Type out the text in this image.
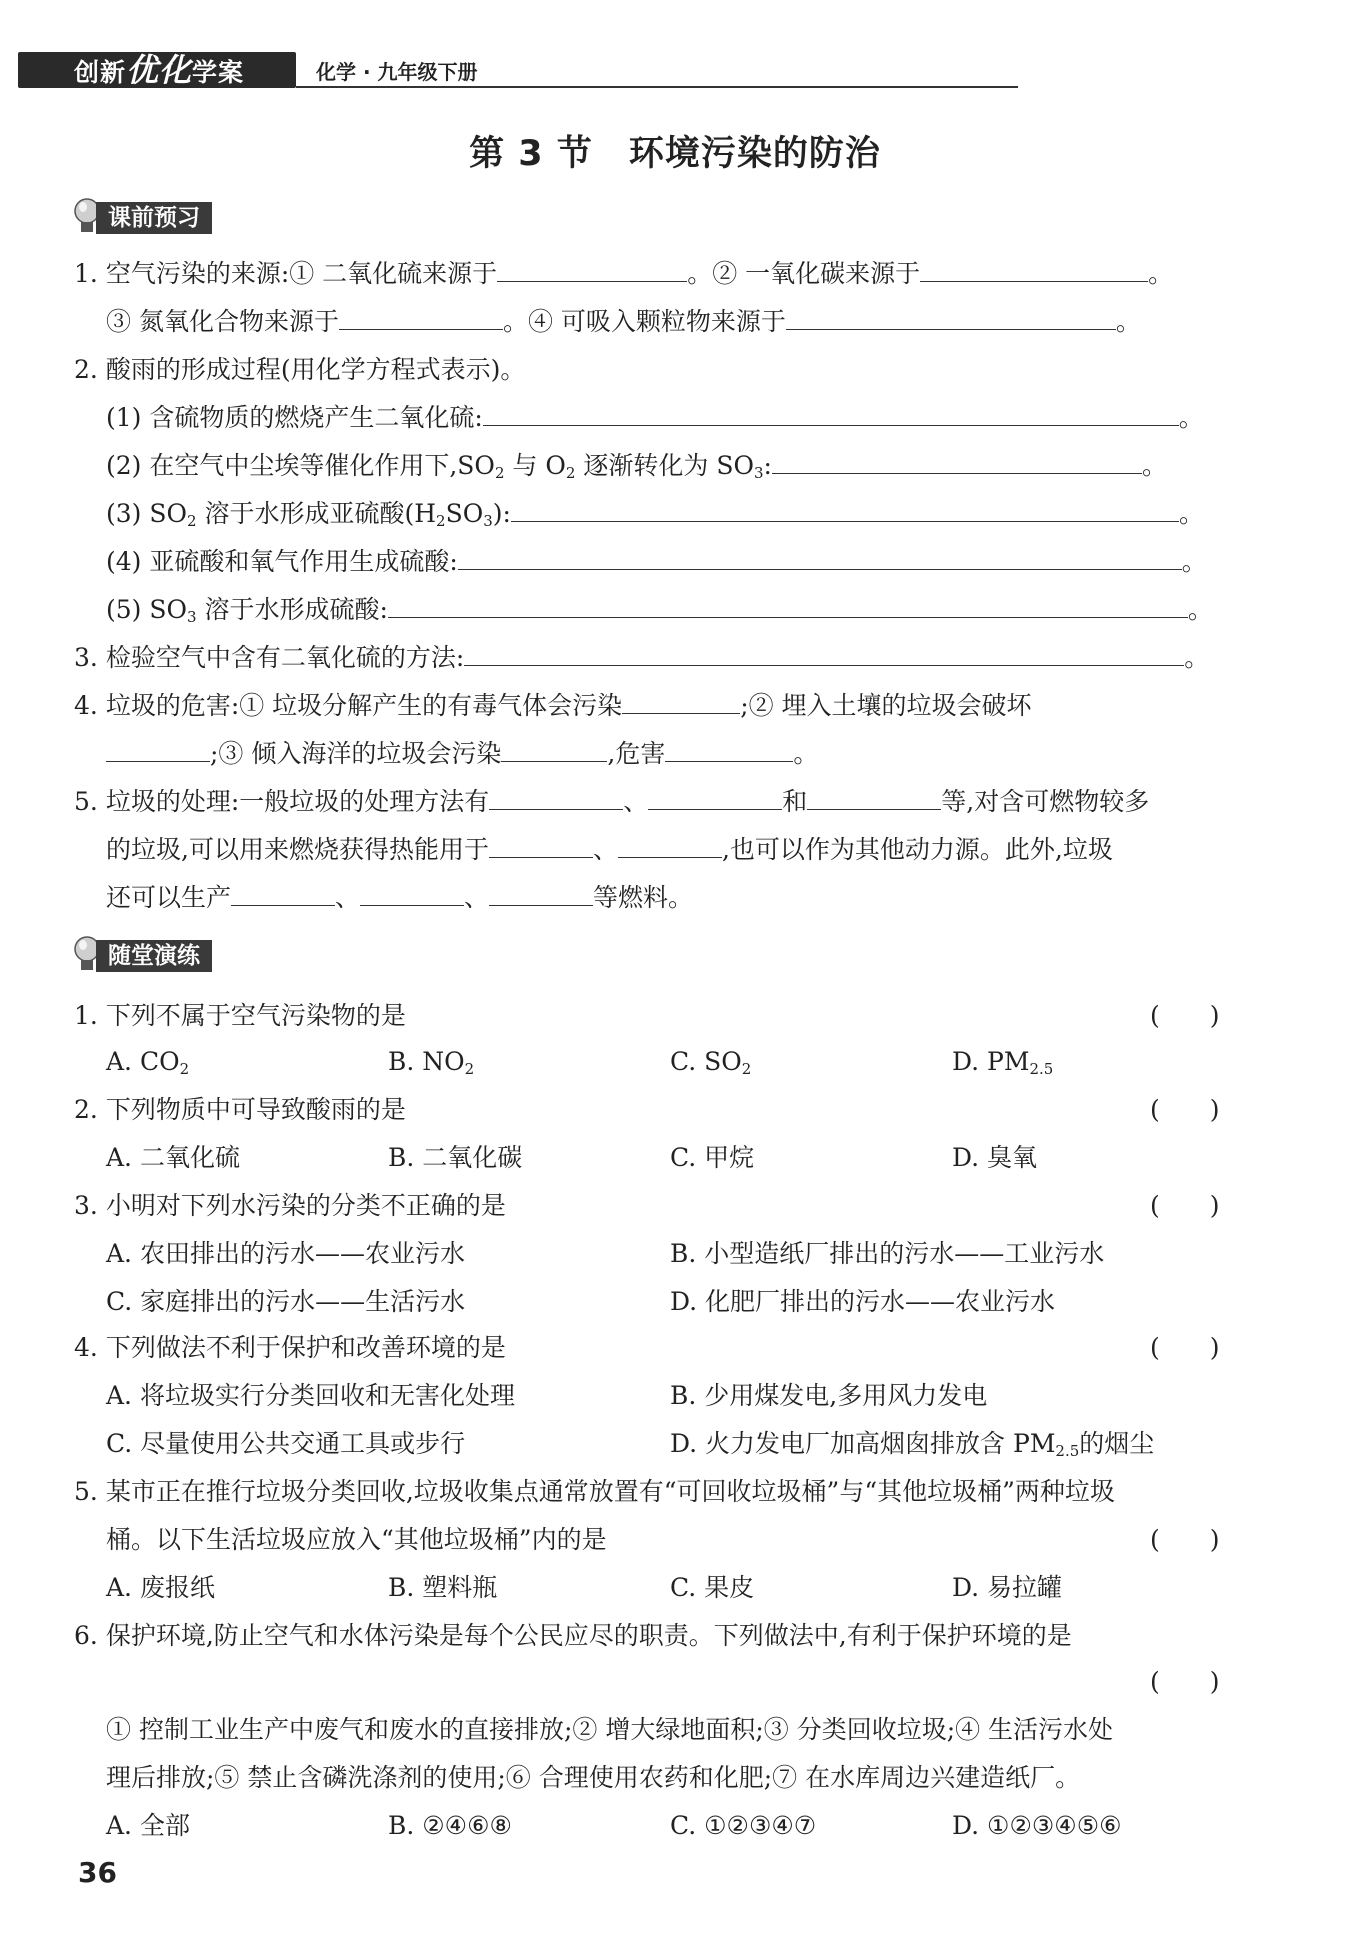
创新优化学案	化学 · 九年级下册
第 3 节　环境污染的防治
课前预习
1. 空气污染的来源:① 二氧化硫来源于	。② 一氧化碳来源于	。
③ 氮氧化合物来源于	。④ 可吸入颗粒物来源于	。
2. 酸雨的形成过程(用化学方程式表示)。
(1) 含硫物质的燃烧产生二氧化硫:	。
(2) 在空气中尘埃等催化作用下$,SO_2$ 与 $O_2$ 逐渐转化为 $SO_3$:	。
(3) $SO_2$ 溶于水形成亚硫酸$(H_2SO_3)$:	。
(4) 亚硫酸和氧气作用生成硫酸:	。
(5) $SO_3$ 溶于水形成硫酸:	。
3. 检验空气中含有二氧化硫的方法:	。
4. 垃圾的危害:① 垃圾分解产生的有毒气体会污染	;② 埋入土壤的垃圾会破坏
;③ 倾入海洋的垃圾会污染	,危害	。
5. 垃圾的处理:一般垃圾的处理方法有	、	和	等,对含可燃物较多
的垃圾,可以用来燃烧获得热能用于	、	,也可以作为其他动力源。此外,垃圾
还可以生产	、	、	等燃料。
随堂演练
1. 下列不属于空气污染物的是	(　　)
A. $CO_2$	B. $NO_2$	C. $SO_2$	D. $PM_{2.5}$
2. 下列物质中可导致酸雨的是	(　　)
A. 二氧化硫	B. 二氧化碳	C. 甲烷	D. 臭氧
3. 小明对下列水污染的分类不正确的是	(　　)
A. 农田排出的污水——农业污水	B. 小型造纸厂排出的污水——工业污水
C. 家庭排出的污水——生活污水	D. 化肥厂排出的污水——农业污水
4. 下列做法不利于保护和改善环境的是	(　　)
A. 将垃圾实行分类回收和无害化处理	B. 少用煤发电,多用风力发电
C. 尽量使用公共交通工具或步行	D. 火力发电厂加高烟囱排放含 $PM_{2.5}$的烟尘
5. 某市正在推行垃圾分类回收,垃圾收集点通常放置有“可回收垃圾桶”与“其他垃圾桶”两种垃圾
桶。以下生活垃圾应放入“其他垃圾桶”内的是	(　　)
A. 废报纸	B. 塑料瓶	C. 果皮	D. 易拉罐
6. 保护环境,防止空气和水体污染是每个公民应尽的职责。下列做法中,有利于保护环境的是
(　　)
① 控制工业生产中废气和废水的直接排放;② 增大绿地面积;③ 分类回收垃圾;④ 生活污水处
理后排放;⑤ 禁止含磷洗涤剂的使用;⑥ 合理使用农药和化肥;⑦ 在水库周边兴建造纸厂。
A. 全部	B. ②④⑥⑧	C. ①②③④⑦	D. ①②③④⑤⑥
36
